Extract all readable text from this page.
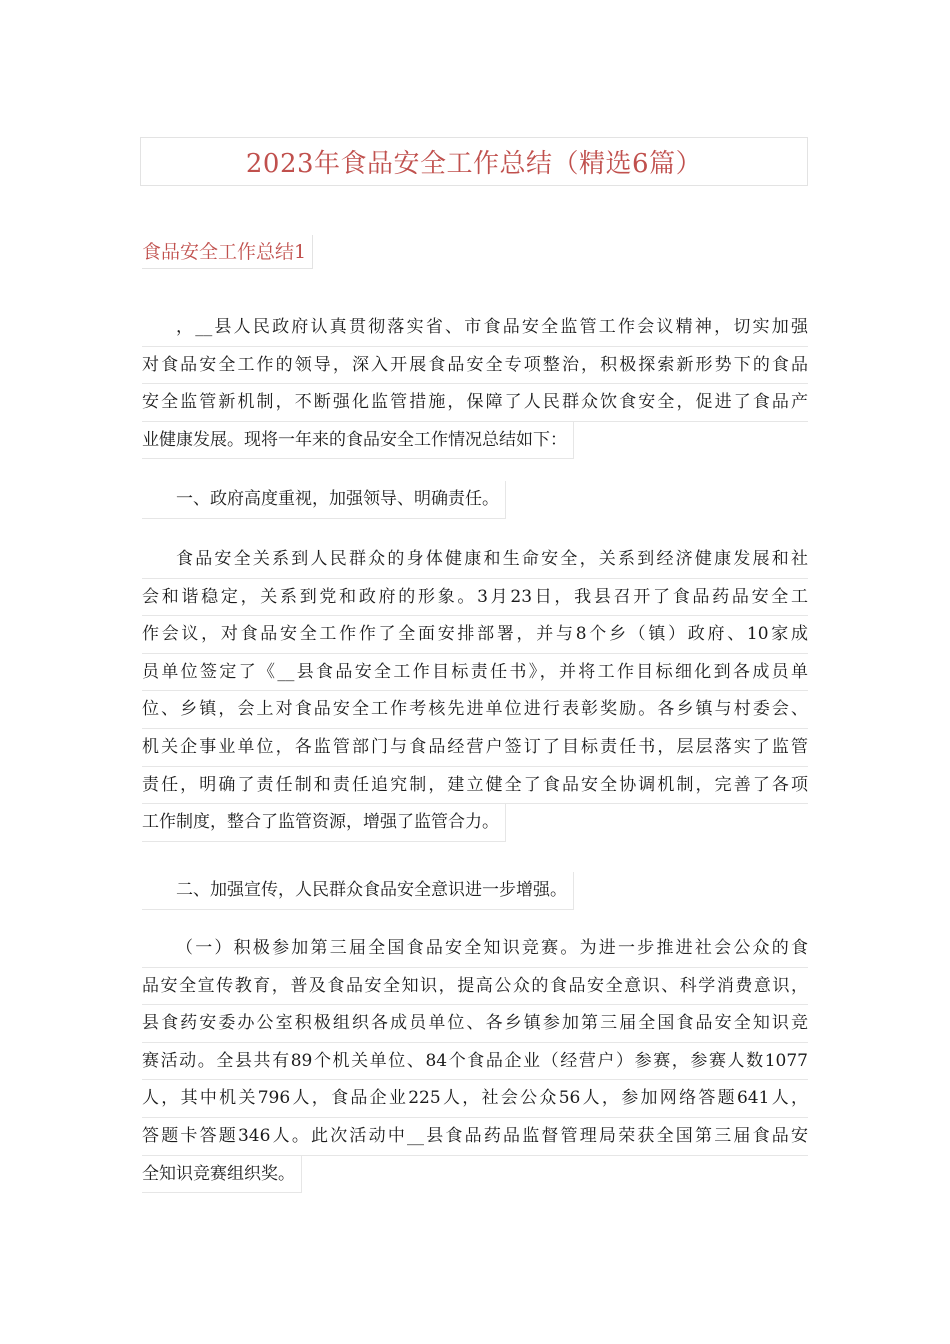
2023年食品安全工作总结（精选6篇）
食品安全工作总结1
，__县人民政府认真贯彻落实省、市食品安全监管工作会议精神，切实加强
对食品安全工作的领导，深入开展食品安全专项整治，积极探索新形势下的食品
安全监管新机制，不断强化监管措施，保障了人民群众饮食安全，促进了食品产
业健康发展。现将一年来的食品安全工作情况总结如下：
一、政府高度重视，加强领导、明确责任。
食品安全关系到人民群众的身体健康和生命安全，关系到经济健康发展和社
会和谐稳定，关系到党和政府的形象。3月23日，我县召开了食品药品安全工
作会议，对食品安全工作作了全面安排部署，并与8个乡（镇）政府、10家成
员单位签定了《__县食品安全工作目标责任书》，并将工作目标细化到各成员单
位、乡镇，会上对食品安全工作考核先进单位进行表彰奖励。各乡镇与村委会、
机关企事业单位，各监管部门与食品经营户签订了目标责任书，层层落实了监管
责任，明确了责任制和责任追究制，建立健全了食品安全协调机制，完善了各项
工作制度，整合了监管资源，增强了监管合力。
二、加强宣传，人民群众食品安全意识进一步增强。
（一）积极参加第三届全国食品安全知识竞赛。为进一步推进社会公众的食
品安全宣传教育，普及食品安全知识，提高公众的食品安全意识、科学消费意识，
县食药安委办公室积极组织各成员单位、各乡镇参加第三届全国食品安全知识竞
赛活动。全县共有89个机关单位、84个食品企业（经营户）参赛，参赛人数1077
人，其中机关796人，食品企业225人，社会公众56人，参加网络答题641人，
答题卡答题346人。此次活动中__县食品药品监督管理局荣获全国第三届食品安
全知识竞赛组织奖。
